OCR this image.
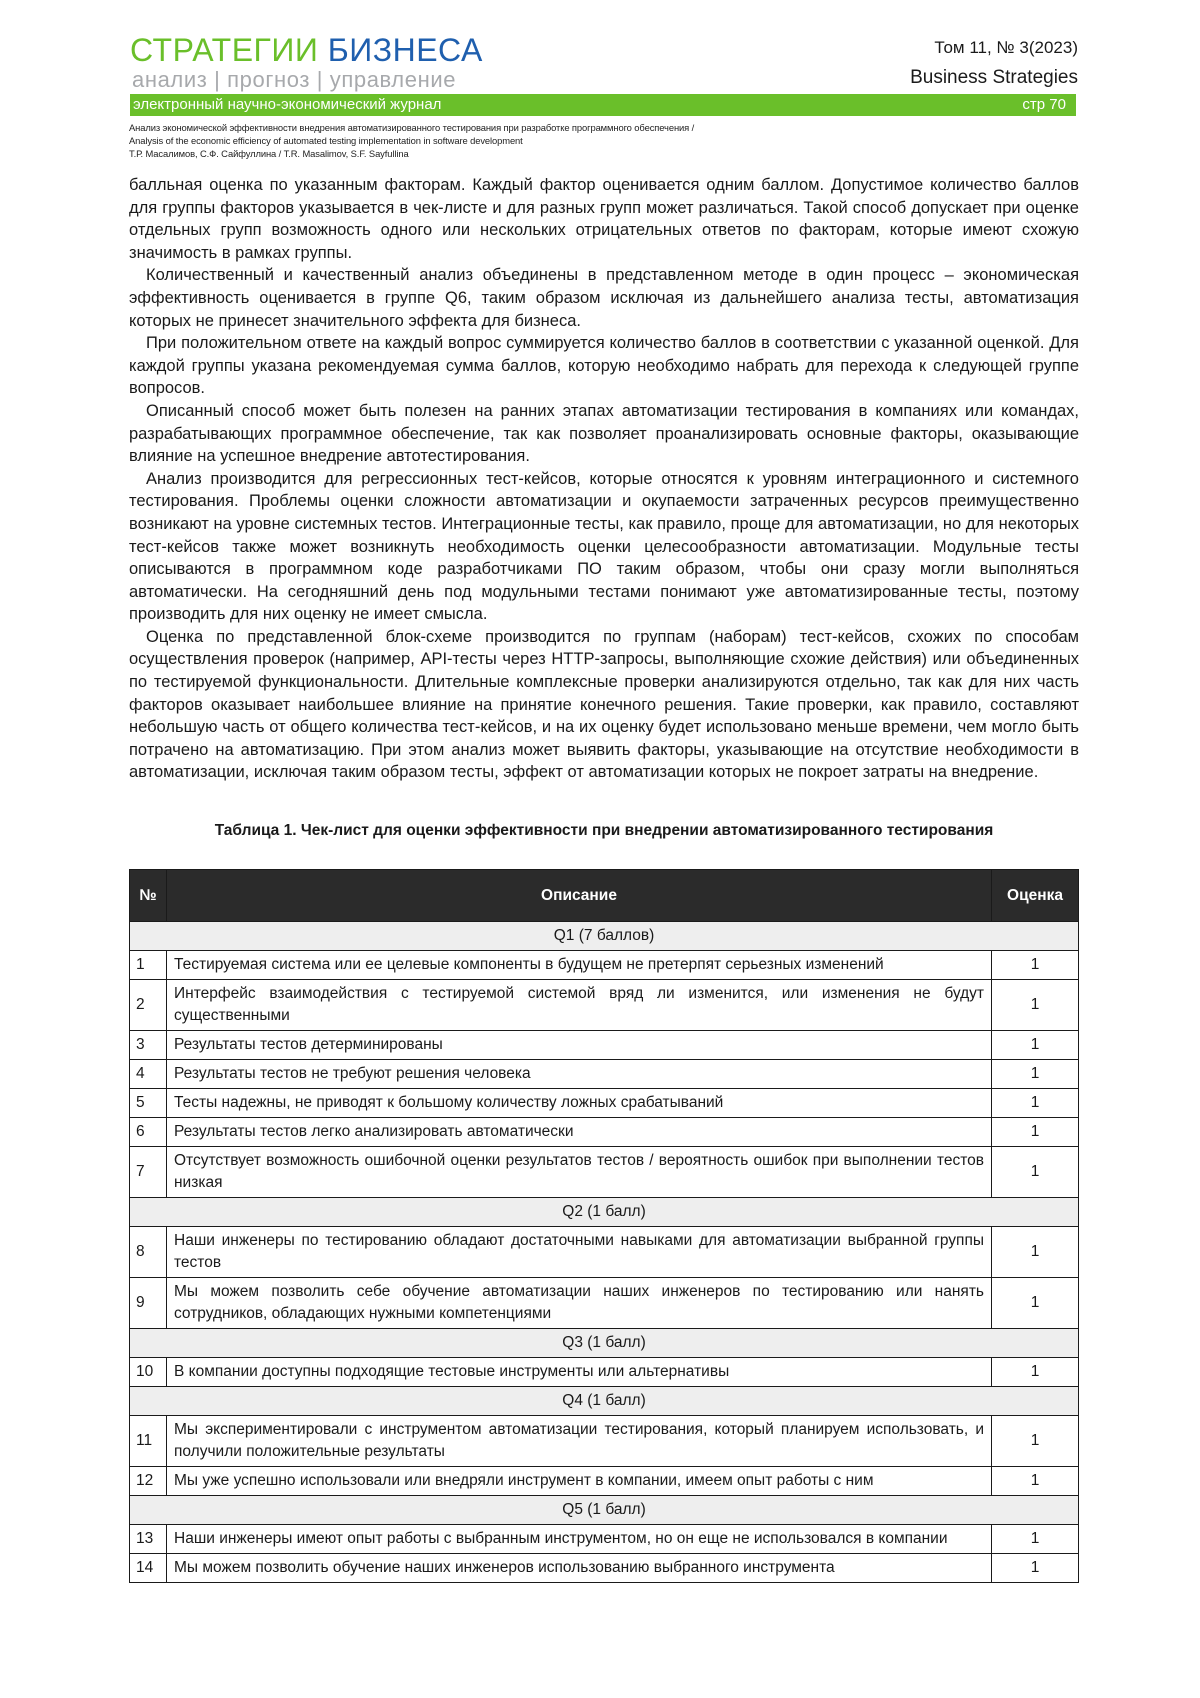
СТРАТЕГИИ БИЗНЕСА
анализ | прогноз | управление
Том 11, № 3(2023)
Business Strategies
электронный научно-экономический журнал	стр 70
Анализ экономической эффективности внедрения автоматизированного тестирования при разработке программного обеспечения /
Analysis of the economic efficiency of automated testing implementation in software development
Т.Р. Масалимов, С.Ф. Сайфуллина / T.R. Masalimov, S.F. Sayfullina

балльная оценка по указанным факторам. Каждый фактор оценивается одним баллом. Допустимое количество баллов для группы факторов указывается в чек-листе и для разных групп может различаться. Такой способ допускает при оценке отдельных групп возможность одного или нескольких отрицательных ответов по факторам, которые имеют схожую значимость в рамках группы.

Количественный и качественный анализ объединены в представленном методе в один процесс – экономическая эффективность оценивается в группе Q6, таким образом исключая из дальнейшего анализа тесты, автоматизация которых не принесет значительного эффекта для бизнеса.

При положительном ответе на каждый вопрос суммируется количество баллов в соответствии с указанной оценкой. Для каждой группы указана рекомендуемая сумма баллов, которую необходимо набрать для перехода к следующей группе вопросов.

Описанный способ может быть полезен на ранних этапах автоматизации тестирования в компаниях или командах, разрабатывающих программное обеспечение, так как позволяет проанализировать основные факторы, оказывающие влияние на успешное внедрение автотестирования.

Анализ производится для регрессионных тест-кейсов, которые относятся к уровням интеграционного и системного тестирования. Проблемы оценки сложности автоматизации и окупаемости затраченных ресурсов преимущественно возникают на уровне системных тестов. Интеграционные тесты, как правило, проще для автоматизации, но для некоторых тест-кейсов также может возникнуть необходимость оценки целесообразности автоматизации. Модульные тесты описываются в программном коде разработчиками ПО таким образом, чтобы они сразу могли выполняться автоматически. На сегодняшний день под модульными тестами понимают уже автоматизированные тесты, поэтому производить для них оценку не имеет смысла.

Оценка по представленной блок-схеме производится по группам (наборам) тест-кейсов, схожих по способам осуществления проверок (например, API-тесты через HTTP-запросы, выполняющие схожие действия) или объединенных по тестируемой функциональности. Длительные комплексные проверки анализируются отдельно, так как для них часть факторов оказывает наибольшее влияние на принятие конечного решения. Такие проверки, как правило, составляют небольшую часть от общего количества тест-кейсов, и на их оценку будет использовано меньше времени, чем могло быть потрачено на автоматизацию. При этом анализ может выявить факторы, указывающие на отсутствие необходимости в автоматизации, исключая таким образом тесты, эффект от автоматизации которых не покроет затраты на внедрение.

Таблица 1. Чек-лист для оценки эффективности при внедрении автоматизированного тестирования
№	Описание	Оценка
Q1 (7 баллов)		
1	Тестируемая система или ее целевые компоненты в будущем не претерпят серьезных изменений	1
2	Интерфейс взаимодействия с тестируемой системой вряд ли изменится, или изменения не будут существенными	1
3	Результаты тестов детерминированы	1
4	Результаты тестов не требуют решения человека	1
5	Тесты надежны, не приводят к большому количеству ложных срабатываний	1
6	Результаты тестов легко анализировать автоматически	1
7	Отсутствует возможность ошибочной оценки результатов тестов / вероятность ошибок при выполнении тестов низкая	1
Q2 (1 балл)		
8	Наши инженеры по тестированию обладают достаточными навыками для автоматизации выбранной группы тестов	1
9	Мы можем позволить себе обучение автоматизации наших инженеров по тестированию или нанять сотрудников, обладающих нужными компетенциями	1
Q3 (1 балл)		
10	В компании доступны подходящие тестовые инструменты или альтернативы	1
Q4 (1 балл)		
11	Мы экспериментировали с инструментом автоматизации тестирования, который планируем использовать, и получили положительные результаты	1
12	Мы уже успешно использовали или внедряли инструмент в компании, имеем опыт работы с ним	1
Q5 (1 балл)		
13	Наши инженеры имеют опыт работы с выбранным инструментом, но он еще не использовался в компании	1
14	Мы можем позволить обучение наших инженеров использованию выбранного инструмента	1
